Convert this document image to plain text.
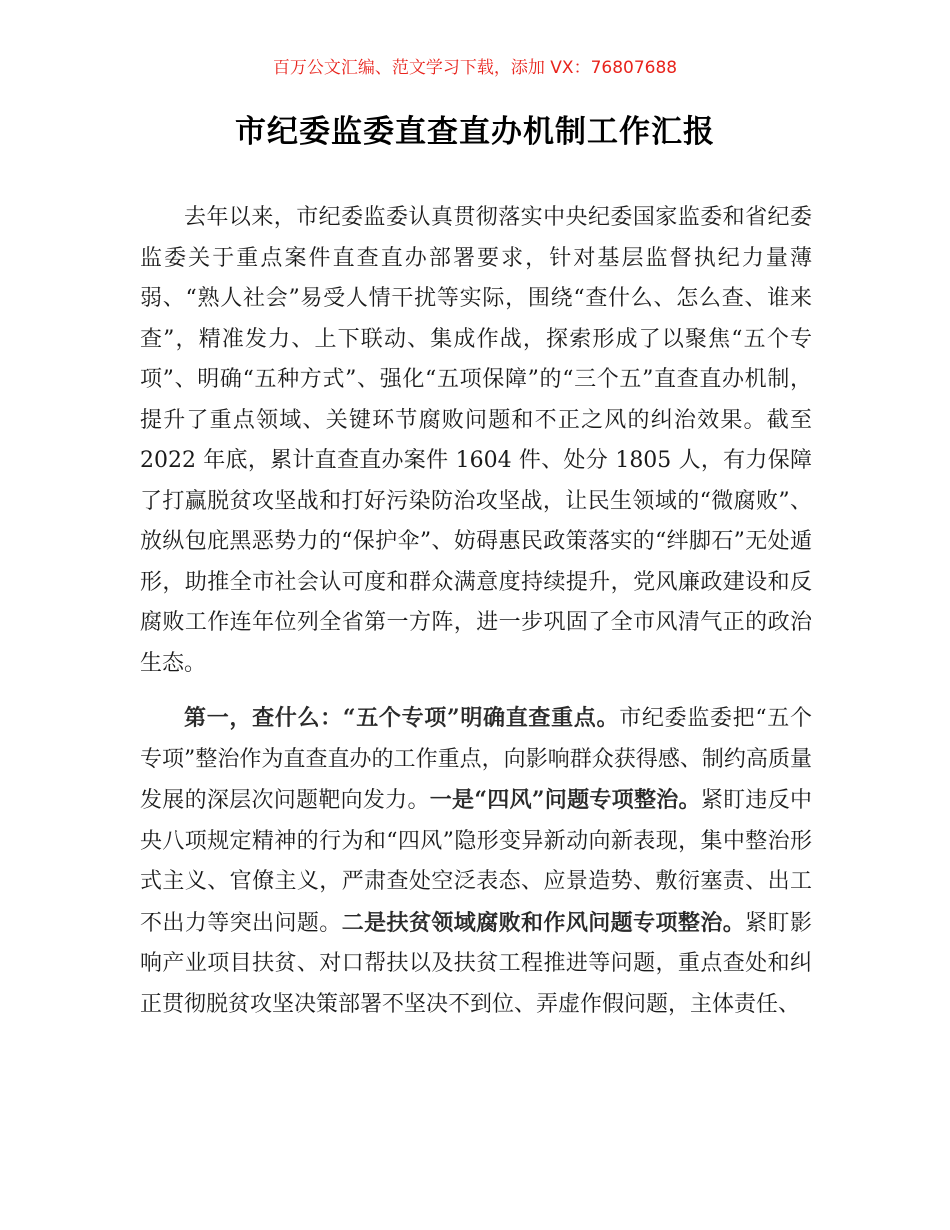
百万公文汇编、范文学习下载，添加 VX：76807688
市纪委监委直查直办机制工作汇报

去年以来，市纪委监委认真贯彻落实中央纪委国家监委和省纪委监委关于重点案件直查直办部署要求，针对基层监督执纪力量薄弱、“熟人社会”易受人情干扰等实际，围绕“查什么、怎么查、谁来查”，精准发力、上下联动、集成作战，探索形成了以聚焦“五个专项”、明确“五种方式”、强化“五项保障”的“三个五”直查直办机制，提升了重点领域、关键环节腐败问题和不正之风的纠治效果。截至 2022 年底，累计直查直办案件 1604 件、处分 1805 人，有力保障了打赢脱贫攻坚战和打好污染防治攻坚战，让民生领域的“微腐败”、放纵包庇黑恶势力的“保护伞”、妨碍惠民政策落实的“绊脚石”无处遁形，助推全市社会认可度和群众满意度持续提升，党风廉政建设和反腐败工作连年位列全省第一方阵，进一步巩固了全市风清气正的政治生态。

第一，查什么：“五个专项”明确直查重点。市纪委监委把“五个专项”整治作为直查直办的工作重点，向影响群众获得感、制约高质量发展的深层次问题靶向发力。一是“四风”问题专项整治。紧盯违反中央八项规定精神的行为和“四风”隐形变异新动向新表现，集中整治形式主义、官僚主义，严肃查处空泛表态、应景造势、敷衍塞责、出工不出力等突出问题。二是扶贫领域腐败和作风问题专项整治。紧盯影响产业项目扶贫、对口帮扶以及扶贫工程推进等问题，重点查处和纠正贯彻脱贫攻坚决策部署不坚决不到位、弄虚作假问题，主体责任、
